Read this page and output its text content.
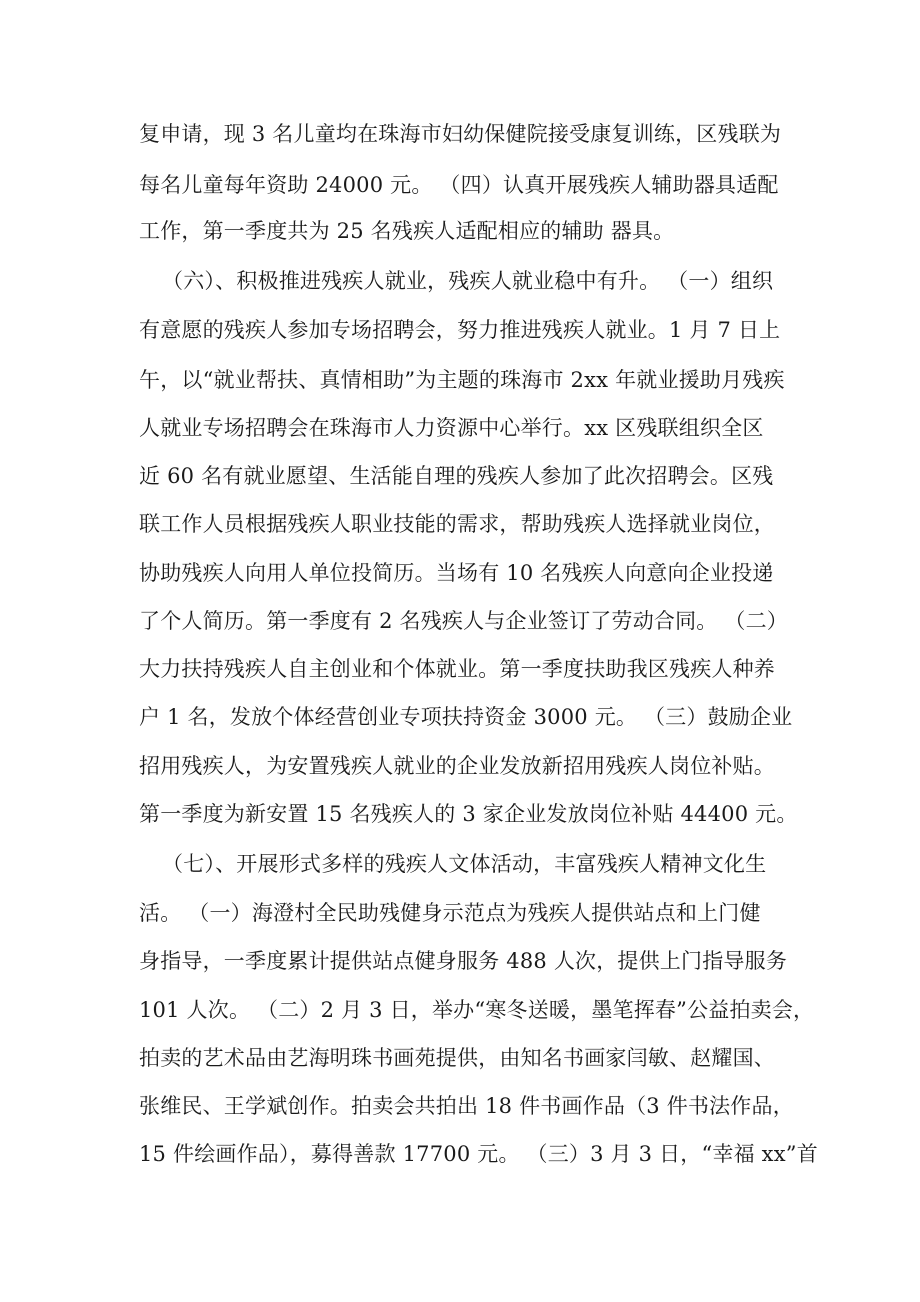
复申请，现 3 名儿童均在珠海市妇幼保健院接受康复训练，区残联为
每名儿童每年资助 24000 元。 （四）认真开展残疾人辅助器具适配
工作，第一季度共为 25 名残疾人适配相应的辅助 器具。
（六）、积极推进残疾人就业，残疾人就业稳中有升。 （一）组织
有意愿的残疾人参加专场招聘会，努力推进残疾人就业。1 月 7 日上
午，以“就业帮扶、真情相助”为主题的珠海市 2xx 年就业援助月残疾
人就业专场招聘会在珠海市人力资源中心举行。xx 区残联组织全区
近 60 名有就业愿望、生活能自理的残疾人参加了此次招聘会。区残
联工作人员根据残疾人职业技能的需求，帮助残疾人选择就业岗位，
协助残疾人向用人单位投简历。当场有 10 名残疾人向意向企业投递
了个人简历。第一季度有 2 名残疾人与企业签订了劳动合同。 （二）
大力扶持残疾人自主创业和个体就业。第一季度扶助我区残疾人种养
户 1 名，发放个体经营创业专项扶持资金 3000 元。 （三）鼓励企业
招用残疾人，为安置残疾人就业的企业发放新招用残疾人岗位补贴。
第一季度为新安置 15 名残疾人的 3 家企业发放岗位补贴 44400 元。
（七）、开展形式多样的残疾人文体活动，丰富残疾人精神文化生
活。 （一）海澄村全民助残健身示范点为残疾人提供站点和上门健
身指导，一季度累计提供站点健身服务 488 人次，提供上门指导服务
101 人次。 （二）2 月 3 日，举办“寒冬送暖，墨笔挥春”公益拍卖会，
拍卖的艺术品由艺海明珠书画苑提供，由知名书画家闫敏、赵耀国、
张维民、王学斌创作。拍卖会共拍出 18 件书画作品（3 件书法作品，
15 件绘画作品），募得善款 17700 元。 （三）3 月 3 日，“幸福 xx”首
